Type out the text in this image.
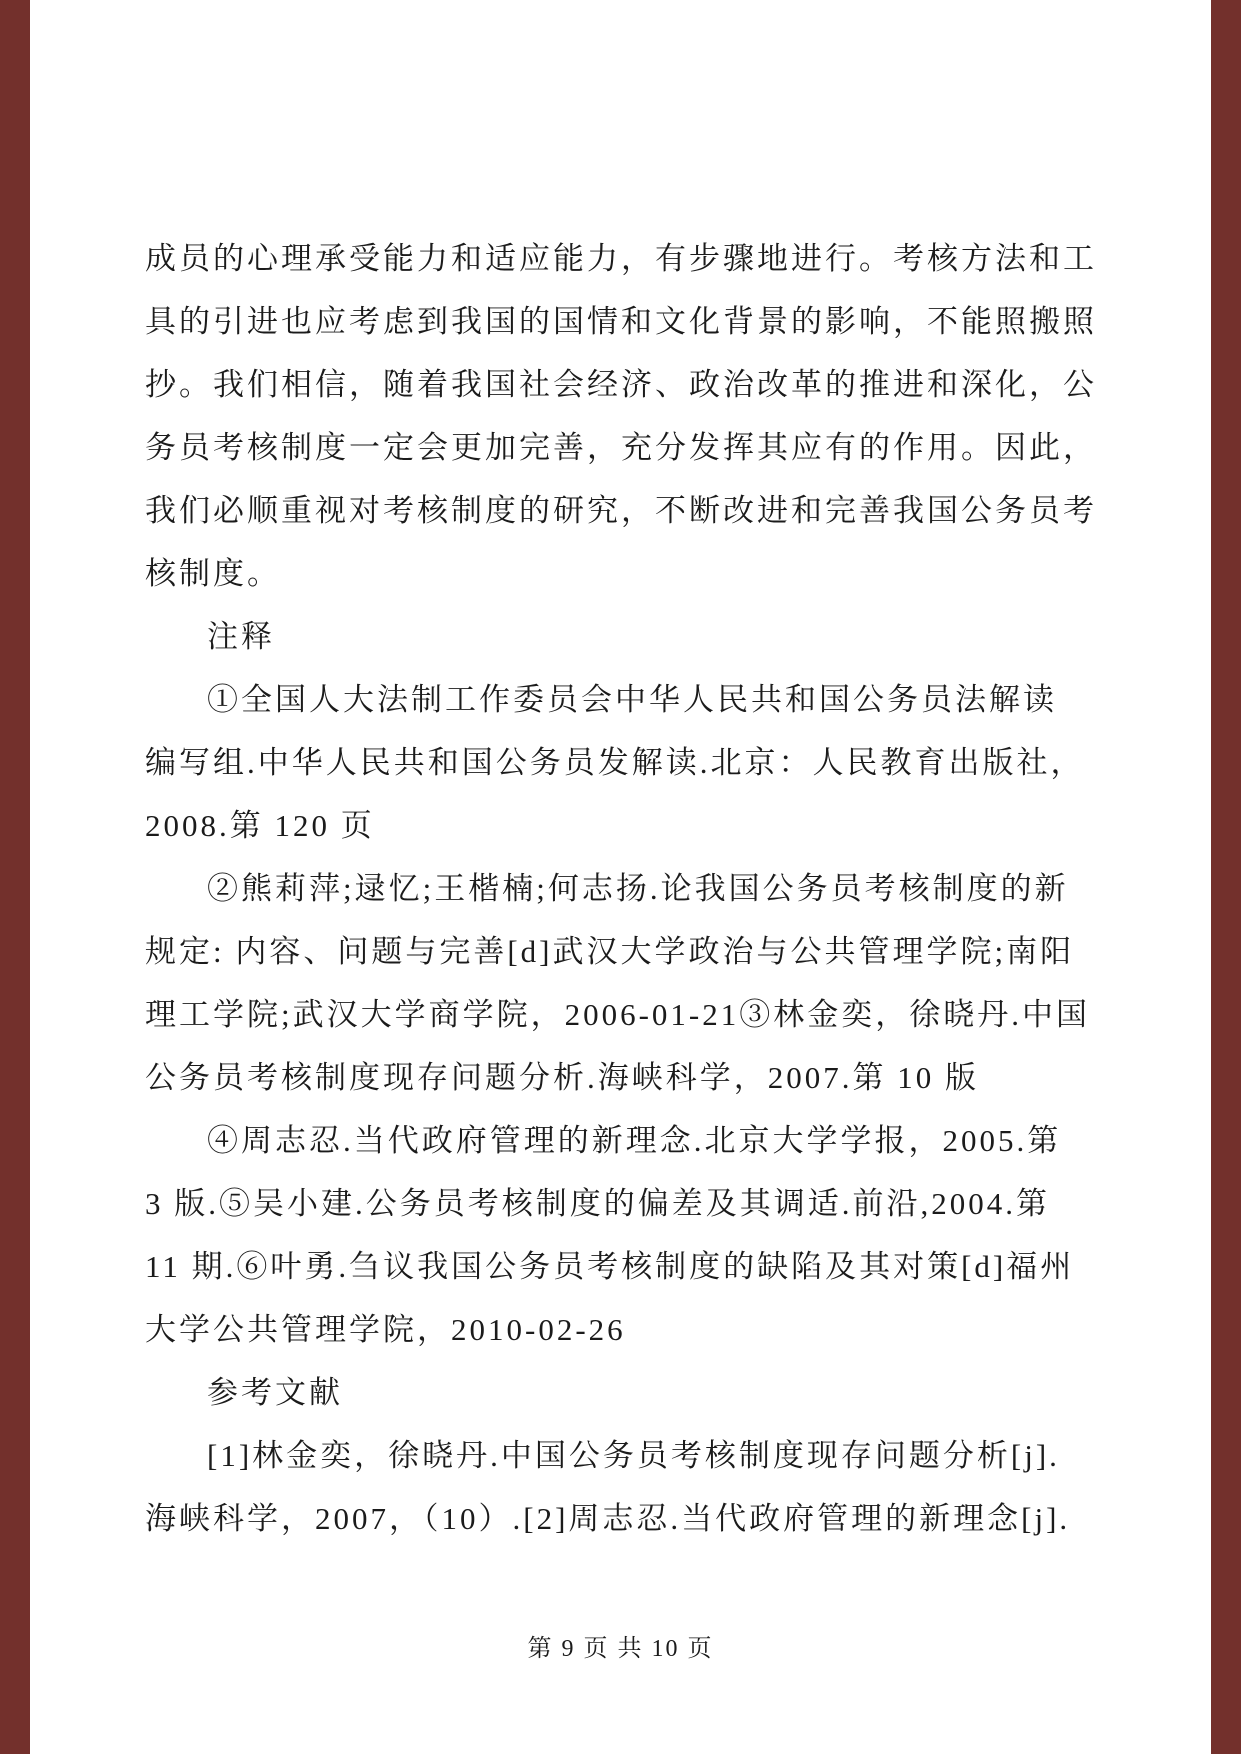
成员的心理承受能力和适应能力，有步骤地进行。考核方法和工
具的引进也应考虑到我国的国情和文化背景的影响，不能照搬照
抄。我们相信，随着我国社会经济、政治改革的推进和深化，公
务员考核制度一定会更加完善，充分发挥其应有的作用。因此，
我们必顺重视对考核制度的研究，不断改进和完善我国公务员考
核制度。
注释
①全国人大法制工作委员会中华人民共和国公务员法解读
编写组.中华人民共和国公务员发解读.北京：人民教育出版社，
2008.第 120 页
②熊莉萍;逯忆;王楷楠;何志扬.论我国公务员考核制度的新
规定: 内容、问题与完善[d]武汉大学政治与公共管理学院;南阳
理工学院;武汉大学商学院，2006-01-21③林金奕，徐晓丹.中国
公务员考核制度现存问题分析.海峡科学，2007.第 10 版
④周志忍.当代政府管理的新理念.北京大学学报，2005.第
3 版.⑤吴小建.公务员考核制度的偏差及其调适.前沿,2004.第
11 期.⑥叶勇.刍议我国公务员考核制度的缺陷及其对策[d]福州
大学公共管理学院，2010-02-26
参考文献
[1]林金奕，徐晓丹.中国公务员考核制度现存问题分析[j].
海峡科学，2007，（10）.[2]周志忍.当代政府管理的新理念[j].
第 9 页 共 10 页
